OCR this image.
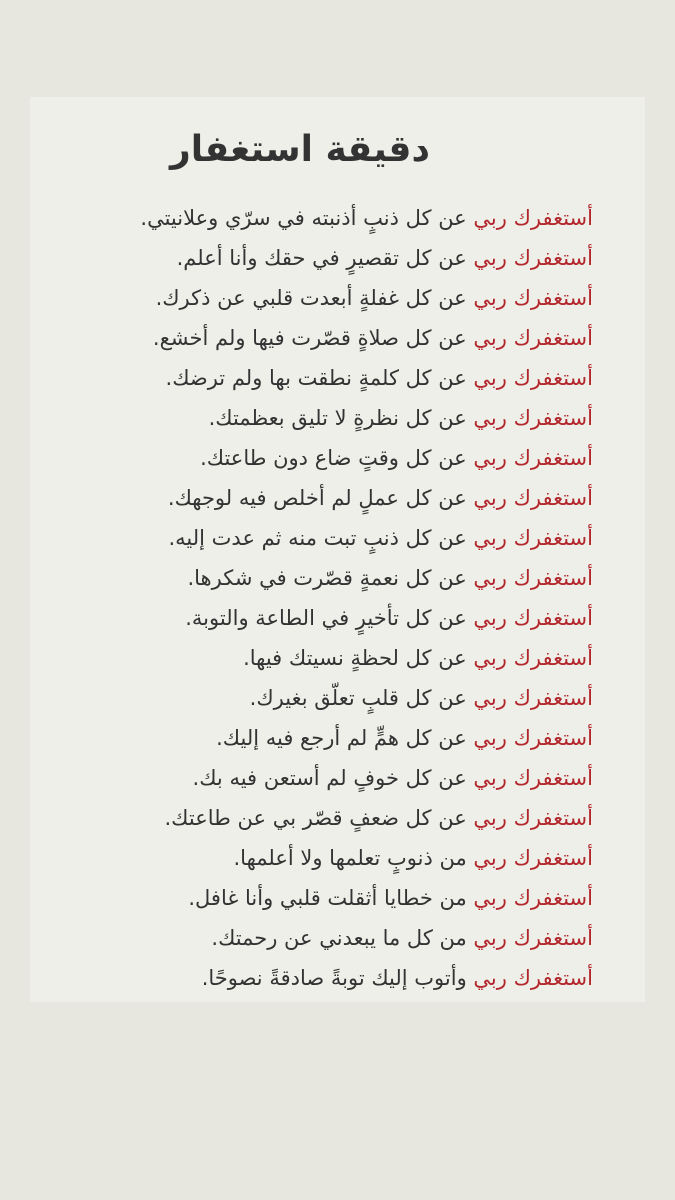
دقيقة استغفار
أستغفرك ربي عن كل ذنبٍ أذنبته في سرّي وعلانيتي.
أستغفرك ربي عن كل تقصيرٍ في حقك وأنا أعلم.
أستغفرك ربي عن كل غفلةٍ أبعدت قلبي عن ذكرك.
أستغفرك ربي عن كل صلاةٍ قصّرت فيها ولم أخشع.
أستغفرك ربي عن كل كلمةٍ نطقت بها ولم ترضك.
أستغفرك ربي عن كل نظرةٍ لا تليق بعظمتك.
أستغفرك ربي عن كل وقتٍ ضاع دون طاعتك.
أستغفرك ربي عن كل عملٍ لم أخلص فيه لوجهك.
أستغفرك ربي عن كل ذنبٍ تبت منه ثم عدت إليه.
أستغفرك ربي عن كل نعمةٍ قصّرت في شكرها.
أستغفرك ربي عن كل تأخيرٍ في الطاعة والتوبة.
أستغفرك ربي عن كل لحظةٍ نسيتك فيها.
أستغفرك ربي عن كل قلبٍ تعلّق بغيرك.
أستغفرك ربي عن كل همٍّ لم أرجع فيه إليك.
أستغفرك ربي عن كل خوفٍ لم أستعن فيه بك.
أستغفرك ربي عن كل ضعفٍ قصّر بي عن طاعتك.
أستغفرك ربي من ذنوبٍ تعلمها ولا أعلمها.
أستغفرك ربي من خطايا أثقلت قلبي وأنا غافل.
أستغفرك ربي من كل ما يبعدني عن رحمتك.
أستغفرك ربي وأتوب إليك توبةً صادقةً نصوحًا.
